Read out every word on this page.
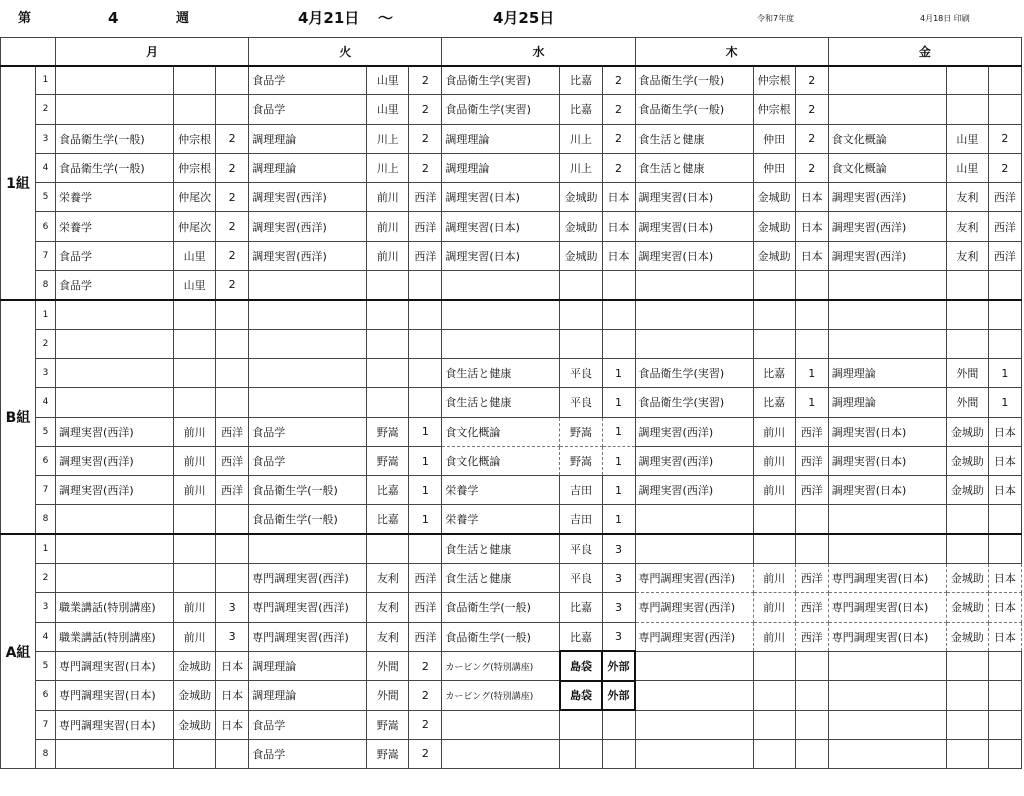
第	4	週	4月21日 ～	4月25日	令和7年度	4月18日 印刷
		月			火			水			木			金		
1組	1				食品学	山里	2	食品衛生学(実習)	比嘉	2	食品衛生学(一般)	仲宗根	2			
	2				食品学	山里	2	食品衛生学(実習)	比嘉	2	食品衛生学(一般)	仲宗根	2			
	3	食品衛生学(一般)	仲宗根	2	調理理論	川上	2	調理理論	川上	2	食生活と健康	仲田	2	食文化概論	山里	2
	4	食品衛生学(一般)	仲宗根	2	調理理論	川上	2	調理理論	川上	2	食生活と健康	仲田	2	食文化概論	山里	2
	5	栄養学	仲尾次	2	調理実習(西洋)	前川	西洋	調理実習(日本)	金城助	日本	調理実習(日本)	金城助	日本	調理実習(西洋)	友利	西洋
	6	栄養学	仲尾次	2	調理実習(西洋)	前川	西洋	調理実習(日本)	金城助	日本	調理実習(日本)	金城助	日本	調理実習(西洋)	友利	西洋
	7	食品学	山里	2	調理実習(西洋)	前川	西洋	調理実習(日本)	金城助	日本	調理実習(日本)	金城助	日本	調理実習(西洋)	友利	西洋
	8	食品学	山里	2												
B組	1															
	2															
	3							食生活と健康	平良	1	食品衛生学(実習)	比嘉	1	調理理論	外間	1
	4							食生活と健康	平良	1	食品衛生学(実習)	比嘉	1	調理理論	外間	1
	5	調理実習(西洋)	前川	西洋	食品学	野嵩	1	食文化概論	野嵩	1	調理実習(西洋)	前川	西洋	調理実習(日本)	金城助	日本
	6	調理実習(西洋)	前川	西洋	食品学	野嵩	1	食文化概論	野嵩	1	調理実習(西洋)	前川	西洋	調理実習(日本)	金城助	日本
	7	調理実習(西洋)	前川	西洋	食品衛生学(一般)	比嘉	1	栄養学	吉田	1	調理実習(西洋)	前川	西洋	調理実習(日本)	金城助	日本
	8				食品衛生学(一般)	比嘉	1	栄養学	吉田	1						
A組	1							食生活と健康	平良	3						
	2				専門調理実習(西洋)	友利	西洋	食生活と健康	平良	3	専門調理実習(西洋)	前川	西洋	専門調理実習(日本)	金城助	日本
	3	職業講話(特別講座)	前川	3	専門調理実習(西洋)	友利	西洋	食品衛生学(一般)	比嘉	3	専門調理実習(西洋)	前川	西洋	専門調理実習(日本)	金城助	日本
	4	職業講話(特別講座)	前川	3	専門調理実習(西洋)	友利	西洋	食品衛生学(一般)	比嘉	3	専門調理実習(西洋)	前川	西洋	専門調理実習(日本)	金城助	日本
	5	専門調理実習(日本)	金城助	日本	調理理論	外間	2	カービング(特別講座)	島袋	外部						
	6	専門調理実習(日本)	金城助	日本	調理理論	外間	2	カービング(特別講座)	島袋	外部						
	7	専門調理実習(日本)	金城助	日本	食品学	野嵩	2									
	8				食品学	野嵩	2									
